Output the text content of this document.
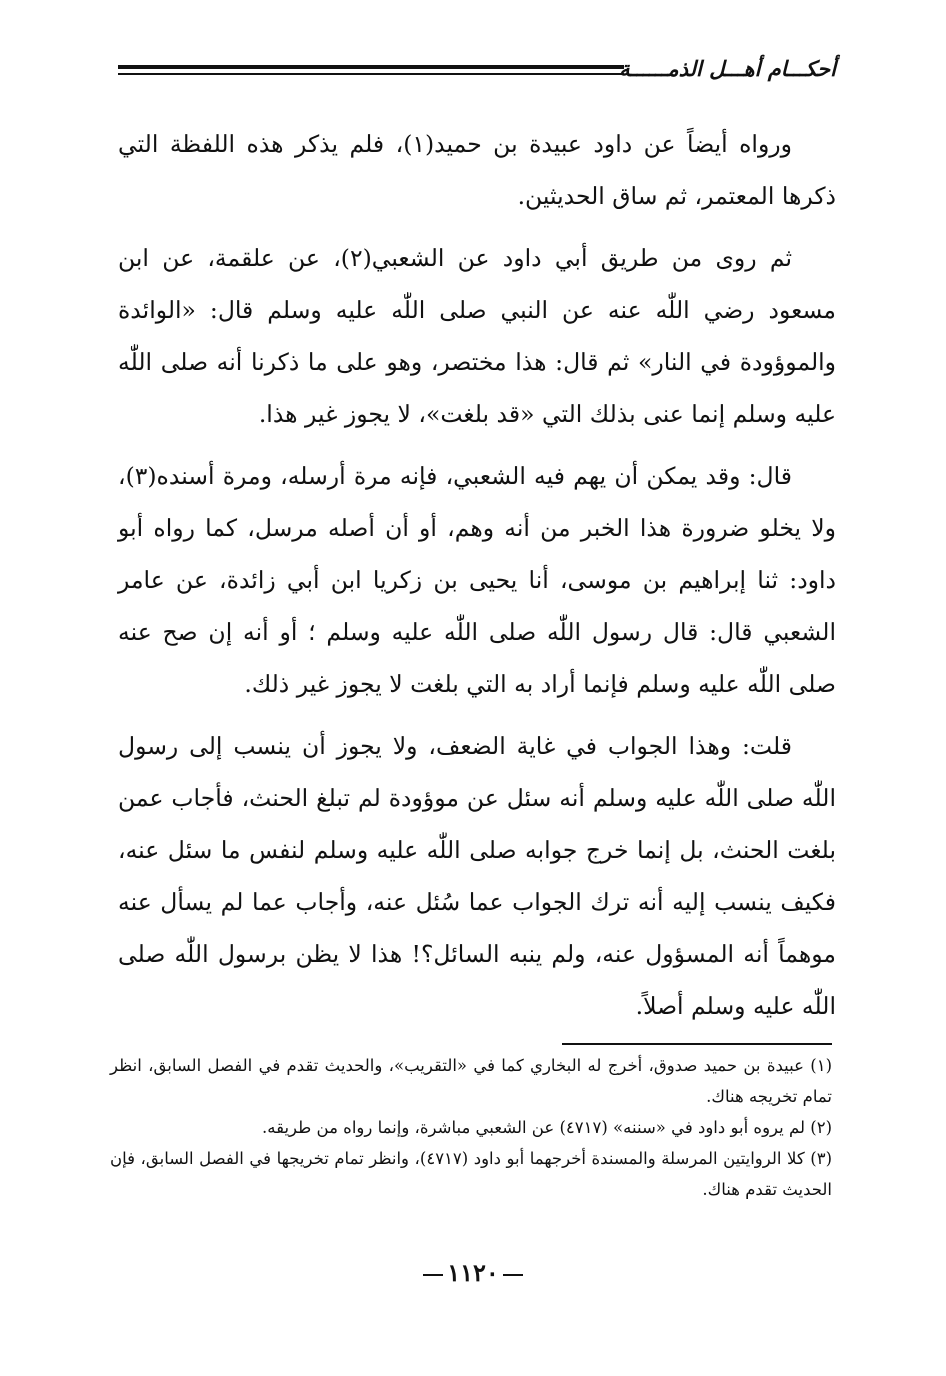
أحكـــام أهـــل الذمــــــة

ورواه أيضاً عن داود عبيدة بن حميد(١)، فلم يذكر هذه اللفظة التي ذكرها المعتمر، ثم ساق الحديثين.

ثم روى من طريق أبي داود عن الشعبي(٢)، عن علقمة، عن ابن مسعود رضي اللّٰه عنه عن النبي صلى اللّٰه عليه وسلم قال: «الوائدة والموؤودة في النار» ثم قال: هذا مختصر، وهو على ما ذكرنا أنه صلى اللّٰه عليه وسلم إنما عنى بذلك التي «قد بلغت»، لا يجوز غير هذا.

قال: وقد يمكن أن يهم فيه الشعبي، فإنه مرة أرسله، ومرة أسنده(٣)، ولا يخلو ضرورة هذا الخبر من أنه وهم، أو أن أصله مرسل، كما رواه أبو داود: ثنا إبراهيم بن موسى، أنا يحيى بن زكريا ابن أبي زائدة، عن عامر الشعبي قال: قال رسول اللّٰه صلى اللّٰه عليه وسلم ؛ أو أنه إن صح عنه صلى اللّٰه عليه وسلم فإنما أراد به التي بلغت لا يجوز غير ذلك.

قلت: وهذا الجواب في غاية الضعف، ولا يجوز أن ينسب إلى رسول اللّٰه صلى اللّٰه عليه وسلم أنه سئل عن موؤودة لم تبلغ الحنث، فأجاب عمن بلغت الحنث، بل إنما خرج جوابه صلى اللّٰه عليه وسلم لنفس ما سئل عنه، فكيف ينسب إليه أنه ترك الجواب عما سُئل عنه، وأجاب عما لم يسأل عنه موهماً أنه المسؤول عنه، ولم ينبه السائل؟! هذا لا يظن برسول اللّٰه صلى اللّٰه عليه وسلم أصلاً.

(١) عبيدة بن حميد صدوق، أخرج له البخاري كما في «التقريب»، والحديث تقدم في الفصل السابق، انظر تمام تخريجه هناك.

(٢) لم يروه أبو داود في «سننه» (٤٧١٧) عن الشعبي مباشرة، وإنما رواه من طريقه.

(٣) كلا الروايتين المرسلة والمسندة أخرجهما أبو داود (٤٧١٧)، وانظر تمام تخريجها في الفصل السابق، فإن الحديث تقدم هناك.

١١٢٠
